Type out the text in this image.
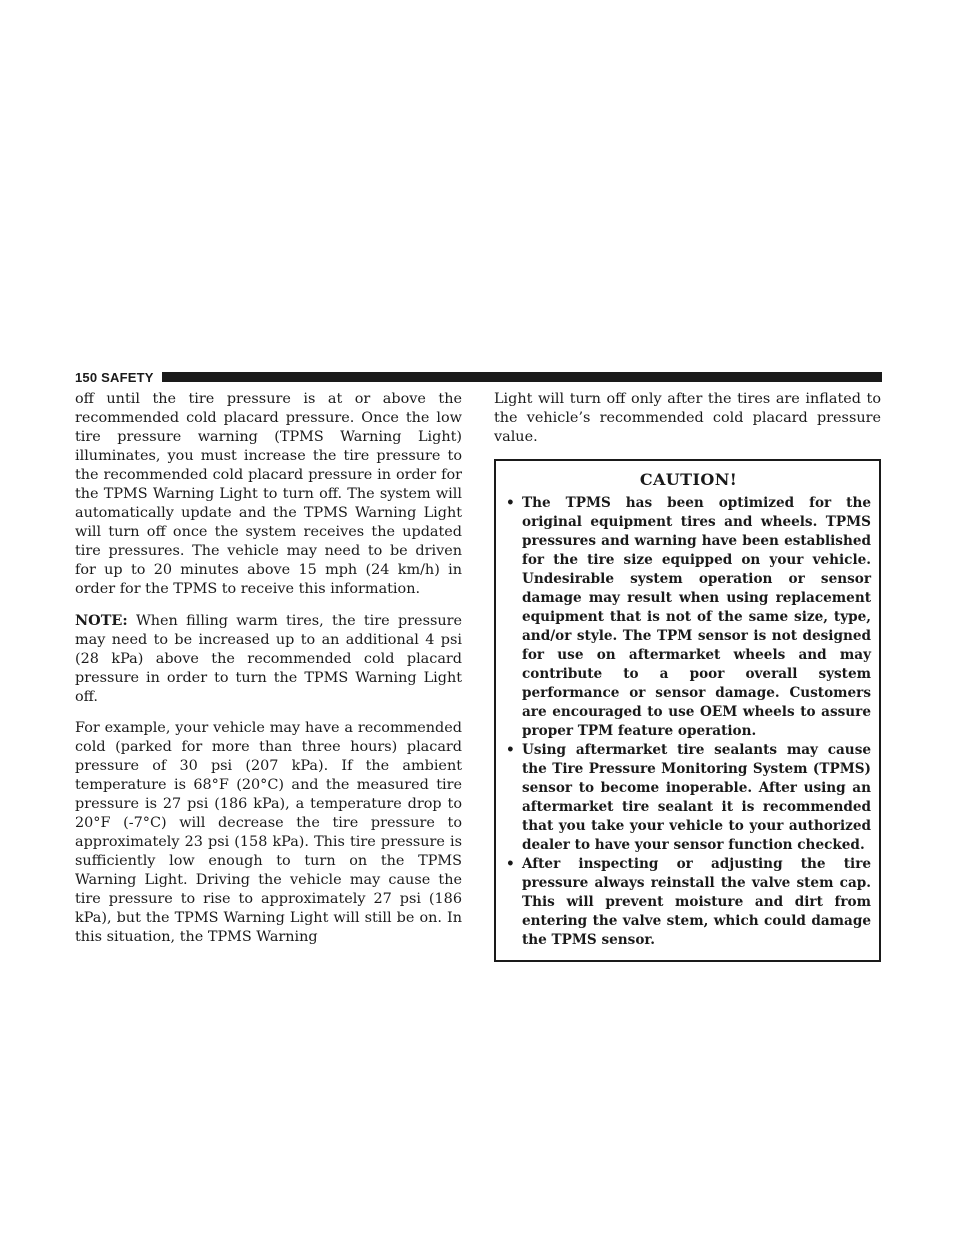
150 SAFETY

off until the tire pressure is at or above the recommended cold placard pressure. Once the low tire pressure warning (TPMS Warning Light) illuminates, you must increase the tire pressure to the recommended cold placard pressure in order for the TPMS Warning Light to turn off. The system will automatically update and the TPMS Warning Light will turn off once the system receives the updated tire pressures. The vehicle may need to be driven for up to 20 minutes above 15 mph (24 km/h) in order for the TPMS to receive this information.

NOTE: When filling warm tires, the tire pressure may need to be increased up to an additional 4 psi (28 kPa) above the recommended cold placard pressure in order to turn the TPMS Warning Light off.

For example, your vehicle may have a recommended cold (parked for more than three hours) placard pressure of 30 psi (207 kPa). If the ambient temperature is 68°F (20°C) and the measured tire pressure is 27 psi (186 kPa), a temperature drop to 20°F (-7°C) will decrease the tire pressure to approximately 23 psi (158 kPa). This tire pressure is sufficiently low enough to turn on the TPMS Warning Light. Driving the vehicle may cause the tire pressure to rise to approximately 27 psi (186 kPa), but the TPMS Warning Light will still be on. In this situation, the TPMS Warning

Light will turn off only after the tires are inflated to the vehicle’s recommended cold placard pressure value.

CAUTION!
• The TPMS has been optimized for the original equipment tires and wheels. TPMS pressures and warning have been established for the tire size equipped on your vehicle. Undesirable system operation or sensor damage may result when using replacement equipment that is not of the same size, type, and/or style. The TPM sensor is not designed for use on aftermarket wheels and may contribute to a poor overall system performance or sensor damage. Customers are encouraged to use OEM wheels to assure proper TPM feature operation.
• Using aftermarket tire sealants may cause the Tire Pressure Monitoring System (TPMS) sensor to become inoperable. After using an aftermarket tire sealant it is recommended that you take your vehicle to your authorized dealer to have your sensor function checked.
• After inspecting or adjusting the tire pressure always reinstall the valve stem cap. This will prevent moisture and dirt from entering the valve stem, which could damage the TPMS sensor.
